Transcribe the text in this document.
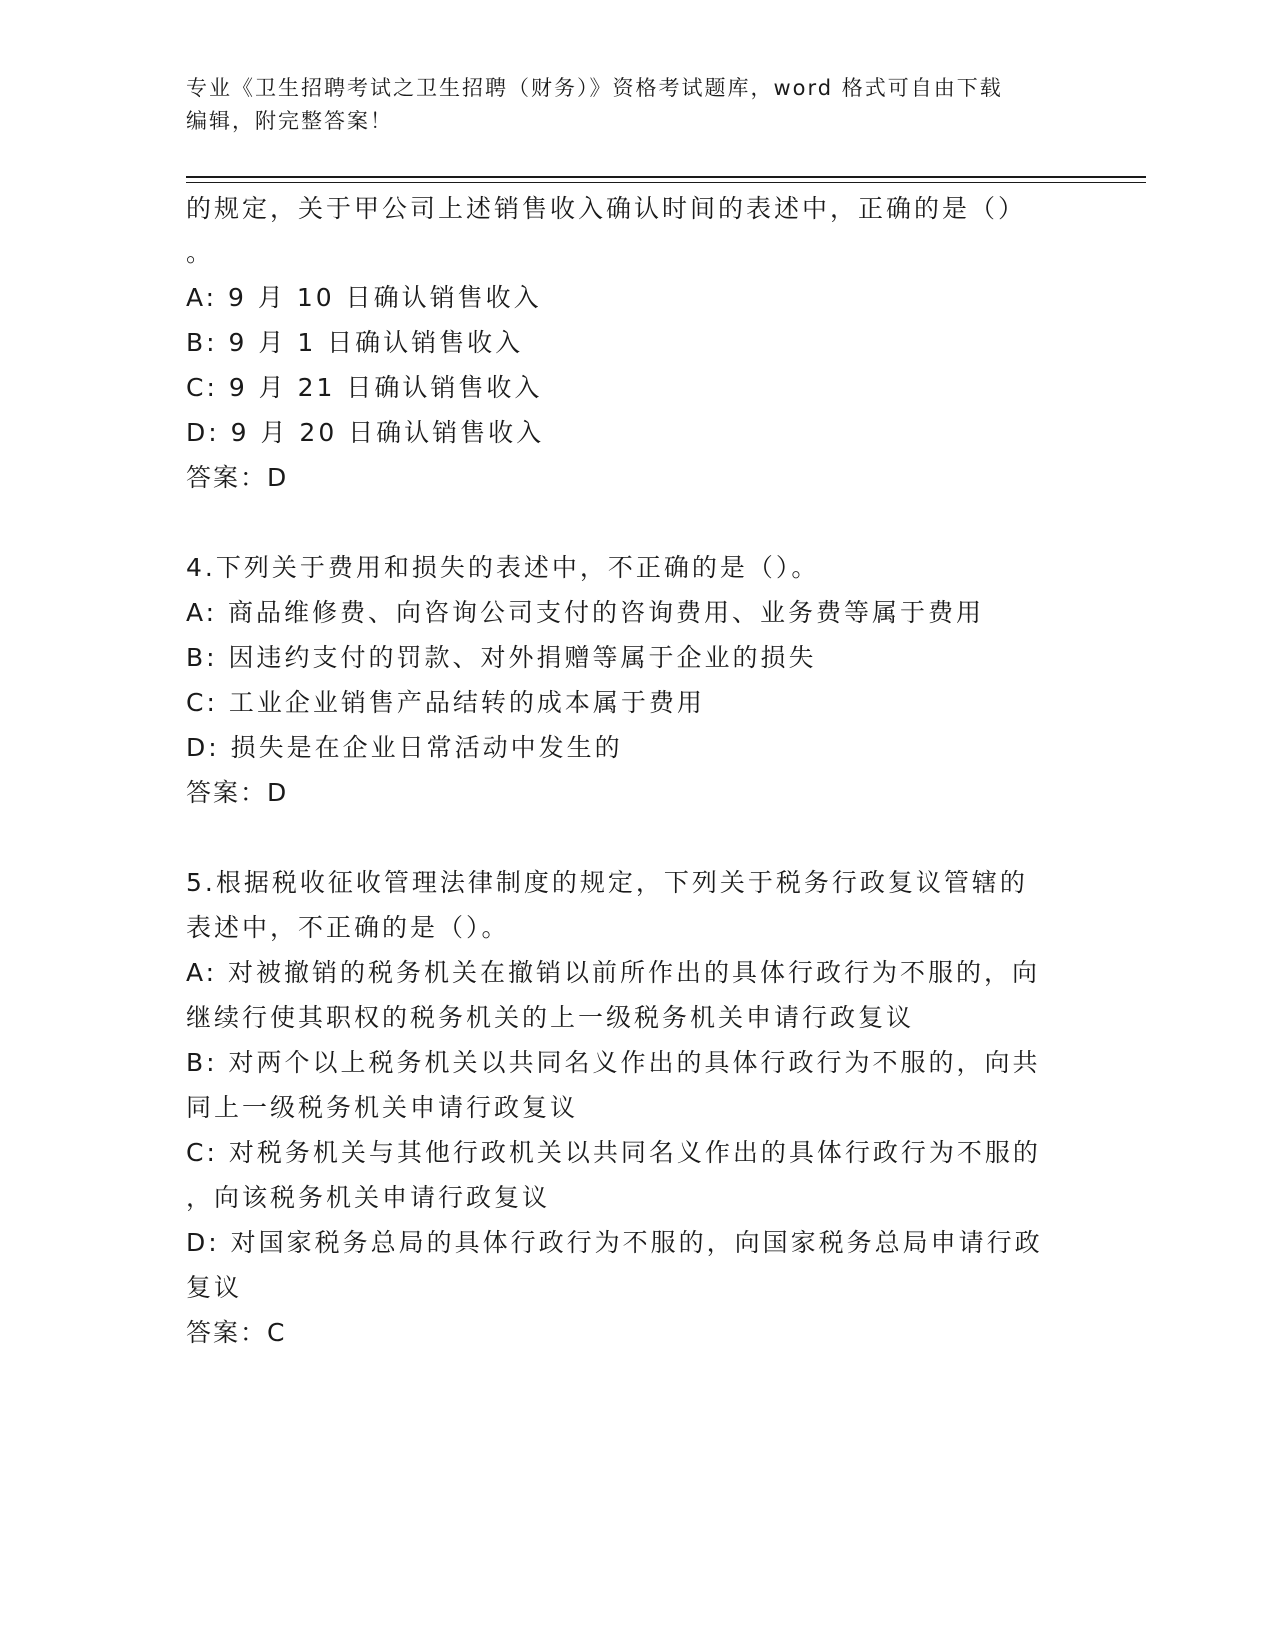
专业《卫生招聘考试之卫生招聘（财务）》资格考试题库，word 格式可自由下载
编辑，附完整答案！
的规定，关于甲公司上述销售收入确认时间的表述中，正确的是（）
。
A: 9 月 10 日确认销售收入
B: 9 月 1 日确认销售收入
C: 9 月 21 日确认销售收入
D: 9 月 20 日确认销售收入
答案：D
4.下列关于费用和损失的表述中，不正确的是（）。
A: 商品维修费、向咨询公司支付的咨询费用、业务费等属于费用
B: 因违约支付的罚款、对外捐赠等属于企业的损失
C: 工业企业销售产品结转的成本属于费用
D: 损失是在企业日常活动中发生的
答案：D
5.根据税收征收管理法律制度的规定，下列关于税务行政复议管辖的
表述中，不正确的是（）。
A: 对被撤销的税务机关在撤销以前所作出的具体行政行为不服的，向
继续行使其职权的税务机关的上一级税务机关申请行政复议
B: 对两个以上税务机关以共同名义作出的具体行政行为不服的，向共
同上一级税务机关申请行政复议
C: 对税务机关与其他行政机关以共同名义作出的具体行政行为不服的
，向该税务机关申请行政复议
D: 对国家税务总局的具体行政行为不服的，向国家税务总局申请行政
复议
答案：C
